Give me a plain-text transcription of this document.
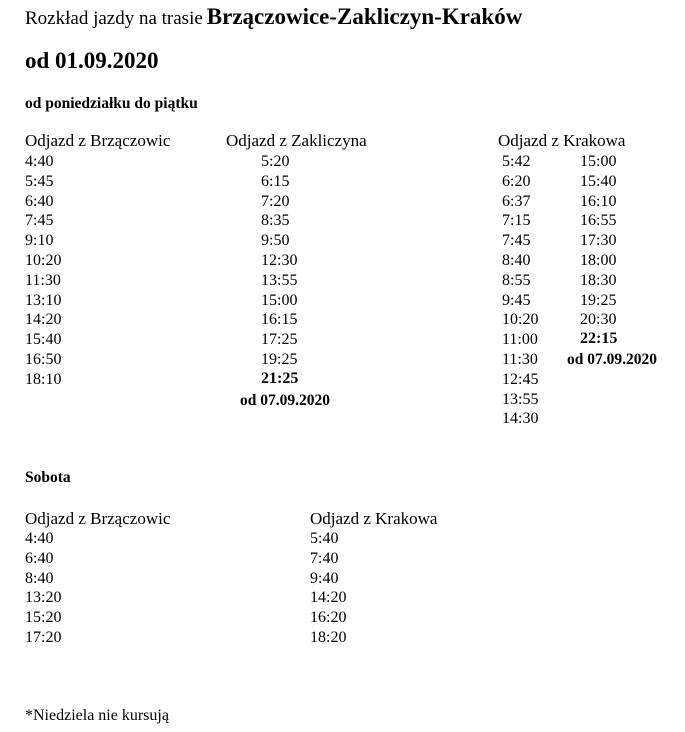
Rozkład jazdy na trasie Brzączowice-Zakliczyn-Kraków
od 01.09.2020
od poniedziałku do piątku
Odjazd z Brzączowic
4:40
5:45
6:40
7:45
9:10
10:20
11:30
13:10
14:20
15:40
16:50
18:10
Odjazd z Zakliczyna
5:20
6:15
7:20
8:35
9:50
12:30
13:55
15:00
16:15
17:25
19:25
21:25
od 07.09.2020
Odjazd z Krakowa
5:42
6:20
6:37
7:15
7:45
8:40
8:55
9:45
10:20
11:00
11:30
12:45
13:55
14:30
15:00
15:40
16:10
16:55
17:30
18:00
18:30
19:25
20:30
22:15
od 07.09.2020
Sobota
Odjazd z Brzączowic
4:40
6:40
8:40
13:20
15:20
17:20
Odjazd z Krakowa
5:40
7:40
9:40
14:20
16:20
18:20
*Niedziela nie kursują
